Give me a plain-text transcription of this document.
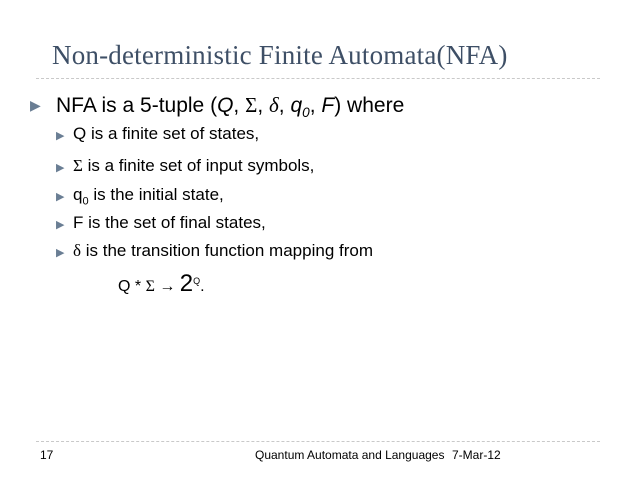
Non-deterministic Finite Automata(NFA)
▶ NFA is a 5-tuple (Q, Σ, δ, $q_0$, F) where
▶ Q is a finite set of states,
▶ Σ is a finite set of input symbols,
▶ $q_0$ is the initial state,
▶ F is the set of final states,
▶ δ is the transition function mapping from
$Q * \Sigma \to 2^Q$.
17	Quantum Automata and Languages 7-Mar-12
